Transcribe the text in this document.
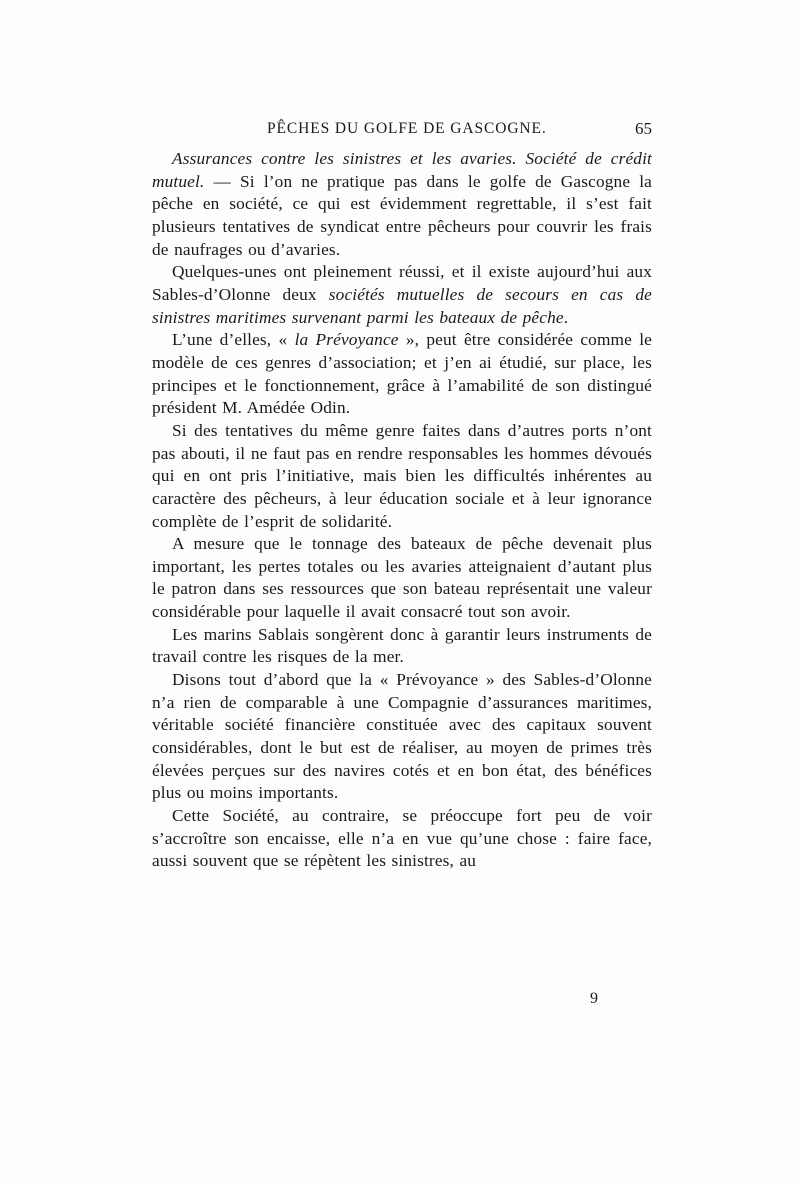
PÊCHES DU GOLFE DE GASCOGNE.	65

Assurances contre les sinistres et les avaries. Société de crédit mutuel. — Si l’on ne pratique pas dans le golfe de Gascogne la pêche en société, ce qui est évidemment regrettable, il s’est fait plusieurs tentatives de syndicat entre pêcheurs pour couvrir les frais de naufrages ou d’avaries.

Quelques-unes ont pleinement réussi, et il existe aujourd’hui aux Sables-d’Olonne deux sociétés mutuelles de secours en cas de sinistres maritimes survenant parmi les bateaux de pêche.

L’une d’elles, « la Prévoyance », peut être considérée comme le modèle de ces genres d’association; et j’en ai étudié, sur place, les principes et le fonctionnement, grâce à l’amabilité de son distingué président M. Amédée Odin.

Si des tentatives du même genre faites dans d’autres ports n’ont pas abouti, il ne faut pas en rendre responsables les hommes dévoués qui en ont pris l’initiative, mais bien les difficultés inhérentes au caractère des pêcheurs, à leur éducation sociale et à leur ignorance complète de l’esprit de solidarité.

A mesure que le tonnage des bateaux de pêche devenait plus important, les pertes totales ou les avaries atteignaient d’autant plus le patron dans ses ressources que son bateau représentait une valeur considérable pour laquelle il avait consacré tout son avoir.

Les marins Sablais songèrent donc à garantir leurs instruments de travail contre les risques de la mer.

Disons tout d’abord que la « Prévoyance » des Sables-d’Olonne n’a rien de comparable à une Compagnie d’assurances maritimes, véritable société financière constituée avec des capitaux souvent considérables, dont le but est de réaliser, au moyen de primes très élevées perçues sur des navires cotés et en bon état, des bénéfices plus ou moins importants.

Cette Société, au contraire, se préoccupe fort peu de voir s’accroître son encaisse, elle n’a en vue qu’une chose : faire face, aussi souvent que se répètent les sinistres, au

9
